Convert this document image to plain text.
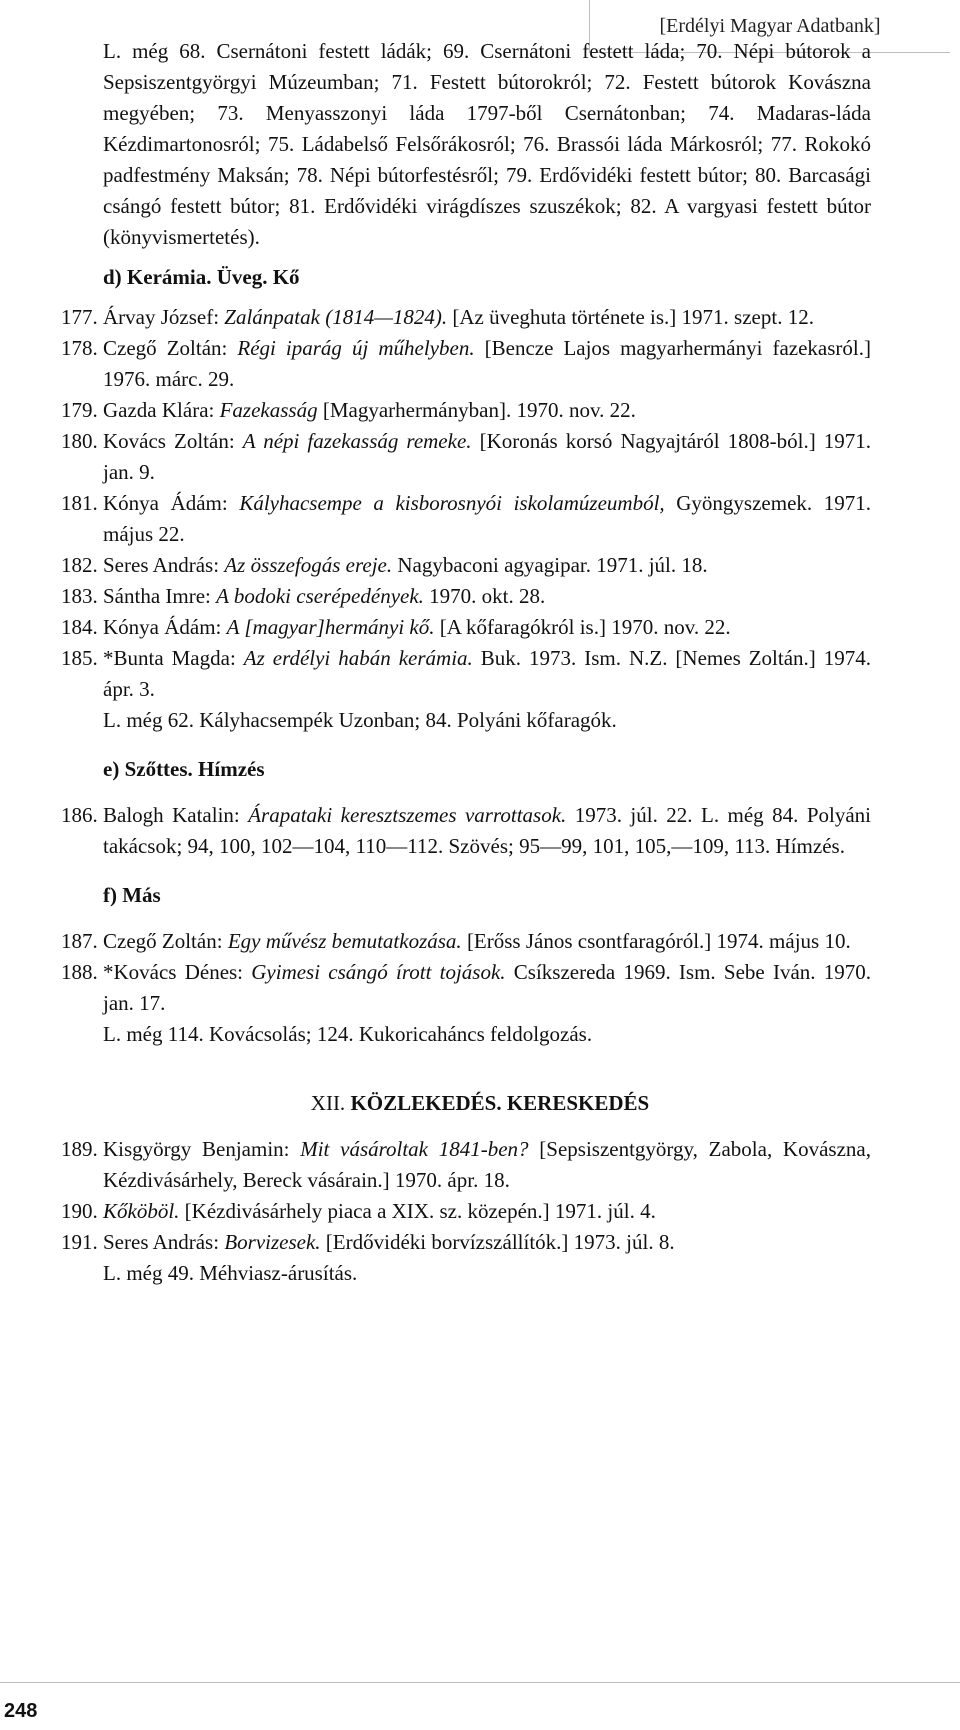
[Erdélyi Magyar Adatbank]

L. még 68. Csernátoni festett ládák; 69. Csernátoni festett láda; 70. Népi bútorok a Sepsiszentgyörgyi Múzeumban; 71. Festett bútorokról; 72. Festett bútorok Kovászna megyében; 73. Menyasszonyi láda 1797-ből Csernátonban; 74. Madaras-láda Kézdimartonosról; 75. Ládabelső Felsőrákosról; 76. Brassói láda Márkosról; 77. Rokokó padfestmény Maksán; 78. Népi bútorfestésről; 79. Erdővidéki festett bútor; 80. Barcasági csángó festett bútor; 81. Erdővidéki virágdíszes szuszékok; 82. A vargyasi festett bútor (könyvismertetés).

d) Kerámia. Üveg. Kő

177. Árvay József: Zalánpatak (1814—1824). [Az üveghuta története is.] 1971. szept. 12.

178. Czegő Zoltán: Régi iparág új műhelyben. [Bencze Lajos magyarhermányi fazekasról.] 1976. márc. 29.

179. Gazda Klára: Fazekasság [Magyarhermányban]. 1970. nov. 22.

180. Kovács Zoltán: A népi fazekasság remeke. [Koronás korsó Nagyajtáról 1808-ból.] 1971. jan. 9.

181. Kónya Ádám: Kályhacsempe a kisborosnyói iskolamúzeumból, Gyöngyszemek. 1971. május 22.

182. Seres András: Az összefogás ereje. Nagybaconi agyagipar. 1971. júl. 18.

183. Sántha Imre: A bodoki cserépedények. 1970. okt. 28.

184. Kónya Ádám: A [magyar]hermányi kő. [A kőfaragókról is.] 1970. nov. 22.

185. *Bunta Magda: Az erdélyi habán kerámia. Buk. 1973. Ism. N.Z. [Nemes Zoltán.] 1974. ápr. 3.

L. még 62. Kályhacsempék Uzonban; 84. Polyáni kőfaragók.

e) Szőttes. Hímzés

186. Balogh Katalin: Árapataki keresztszemes varrottasok. 1973. júl. 22. L. még 84. Polyáni takácsok; 94, 100, 102—104, 110—112. Szövés; 95—99, 101, 105,—109, 113. Hímzés.

f) Más

187. Czegő Zoltán: Egy művész bemutatkozása. [Erőss János csontfaragóról.] 1974. május 10.

188. *Kovács Dénes: Gyimesi csángó írott tojások. Csíkszereda 1969. Ism. Sebe Iván. 1970. jan. 17.

L. még 114. Kovácsolás; 124. Kukoricaháncs feldolgozás.

XII. KÖZLEKEDÉS. KERESKEDÉS

189. Kisgyörgy Benjamin: Mit vásároltak 1841-ben? [Sepsiszentgyörgy, Zabola, Kovászna, Kézdivásárhely, Bereck vásárain.] 1970. ápr. 18.

190. Kőköböl. [Kézdivásárhely piaca a XIX. sz. közepén.] 1971. júl. 4.

191. Seres András: Borvizesek. [Erdővidéki borvízszállítók.] 1973. júl. 8.

L. még 49. Méhviasz-árusítás.

248
